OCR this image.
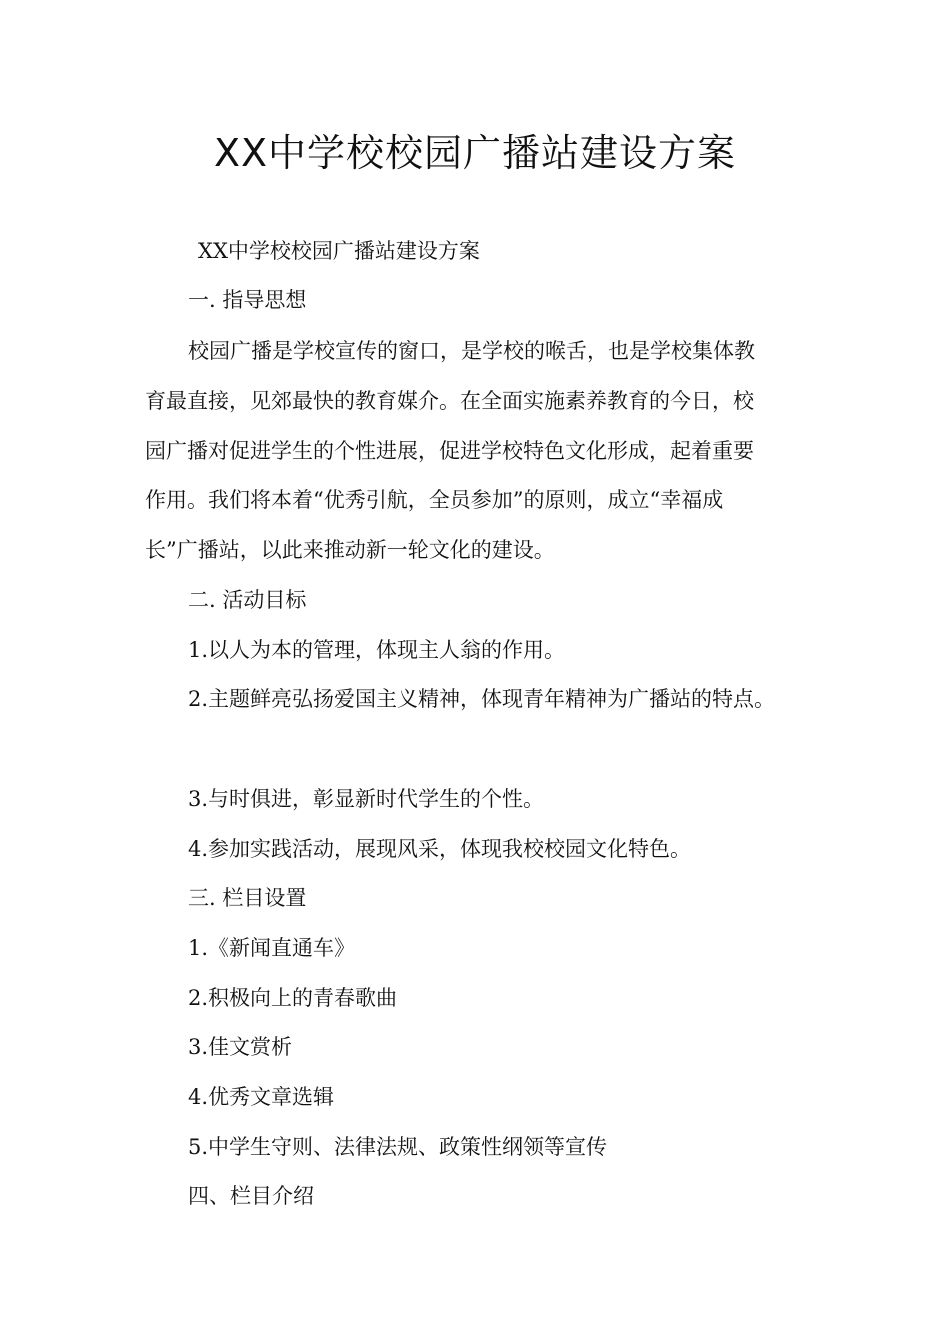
XX中学校校园广播站建设方案
XX中学校校园广播站建设方案
一. 指导思想
校园广播是学校宣传的窗口，是学校的喉舌，也是学校集体教
育最直接，见郊最快的教育媒介。在全面实施素养教育的今日，校
园广播对促进学生的个性进展，促进学校特色文化形成，起着重要
作用。我们将本着“优秀引航，全员参加”的原则，成立“幸福成
长”广播站，以此来推动新一轮文化的建设。
二. 活动目标
1.以人为本的管理，体现主人翁的作用。
2.主题鲜亮弘扬爱国主义精神，体现青年精神为广播站的特点。
3.与时俱进，彰显新时代学生的个性。
4.参加实践活动，展现风采，体现我校校园文化特色。
三. 栏目设置
1.《新闻直通车》
2.积极向上的青春歌曲
3.佳文赏析
4.优秀文章选辑
5.中学生守则、法律法规、政策性纲领等宣传
四、栏目介绍
